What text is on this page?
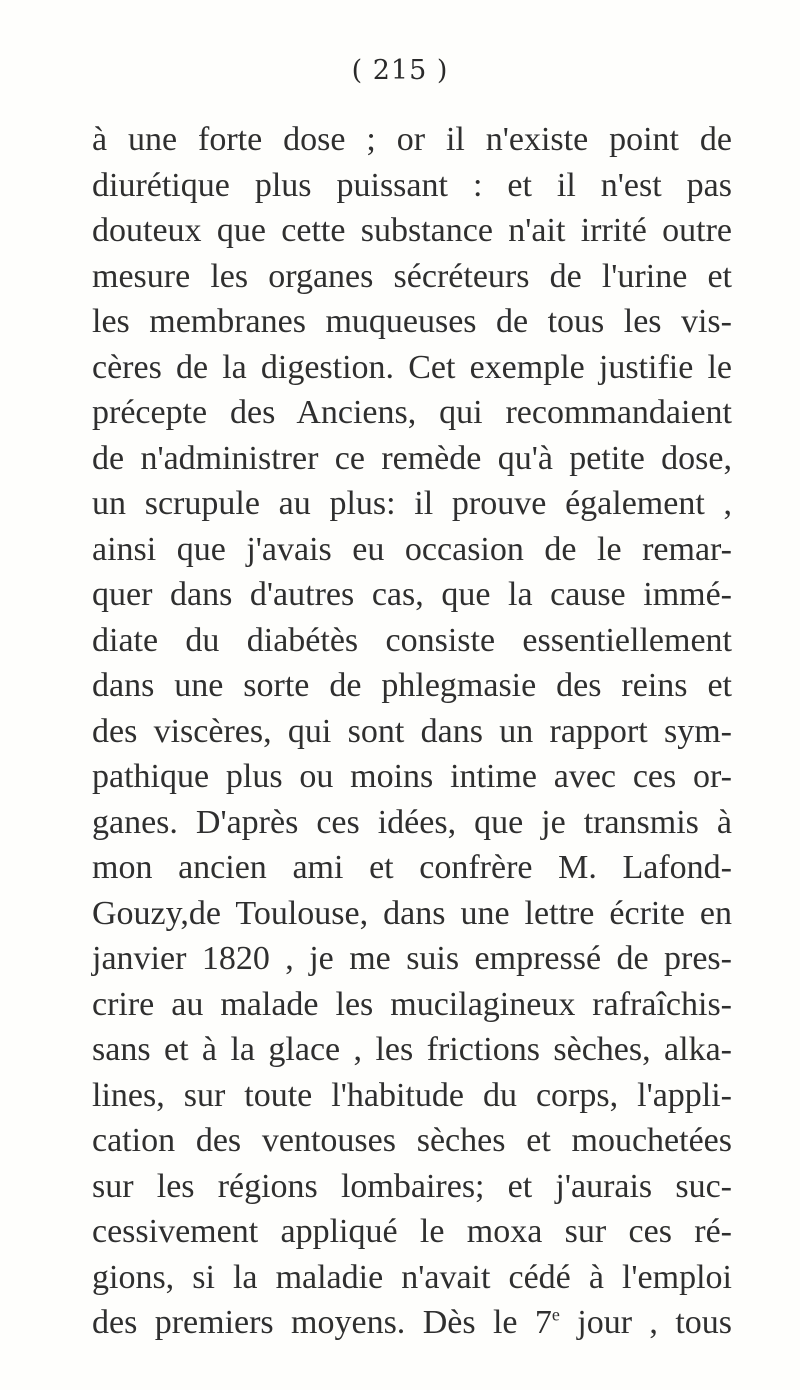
( 215 )
à une forte dose ; or il n'existe point de
diurétique plus puissant : et il n'est pas
douteux que cette substance n'ait irrité outre
mesure les organes sécréteurs de l'urine et
les membranes muqueuses de tous les vis-
cères de la digestion. Cet exemple justifie le
précepte des Anciens, qui recommandaient
de n'administrer ce remède qu'à petite dose,
un scrupule au plus: il prouve également ,
ainsi que j'avais eu occasion de le remar-
quer dans d'autres cas, que la cause immé-
diate du diabétès consiste essentiellement
dans une sorte de phlegmasie des reins et
des viscères, qui sont dans un rapport sym-
pathique plus ou moins intime avec ces or-
ganes. D'après ces idées, que je transmis à
mon ancien ami et confrère M. Lafond-
Gouzy,de Toulouse, dans une lettre écrite en
janvier 1820 , je me suis empressé de pres-
crire au malade les mucilagineux rafraîchis-
sans et à la glace , les frictions sèches, alka-
lines, sur toute l'habitude du corps, l'appli-
cation des ventouses sèches et mouchetées
sur les régions lombaires; et j'aurais suc-
cessivement appliqué le moxa sur ces ré-
gions, si la maladie n'avait cédé à l'emploi
des premiers moyens. Dès le 7e jour , tous
